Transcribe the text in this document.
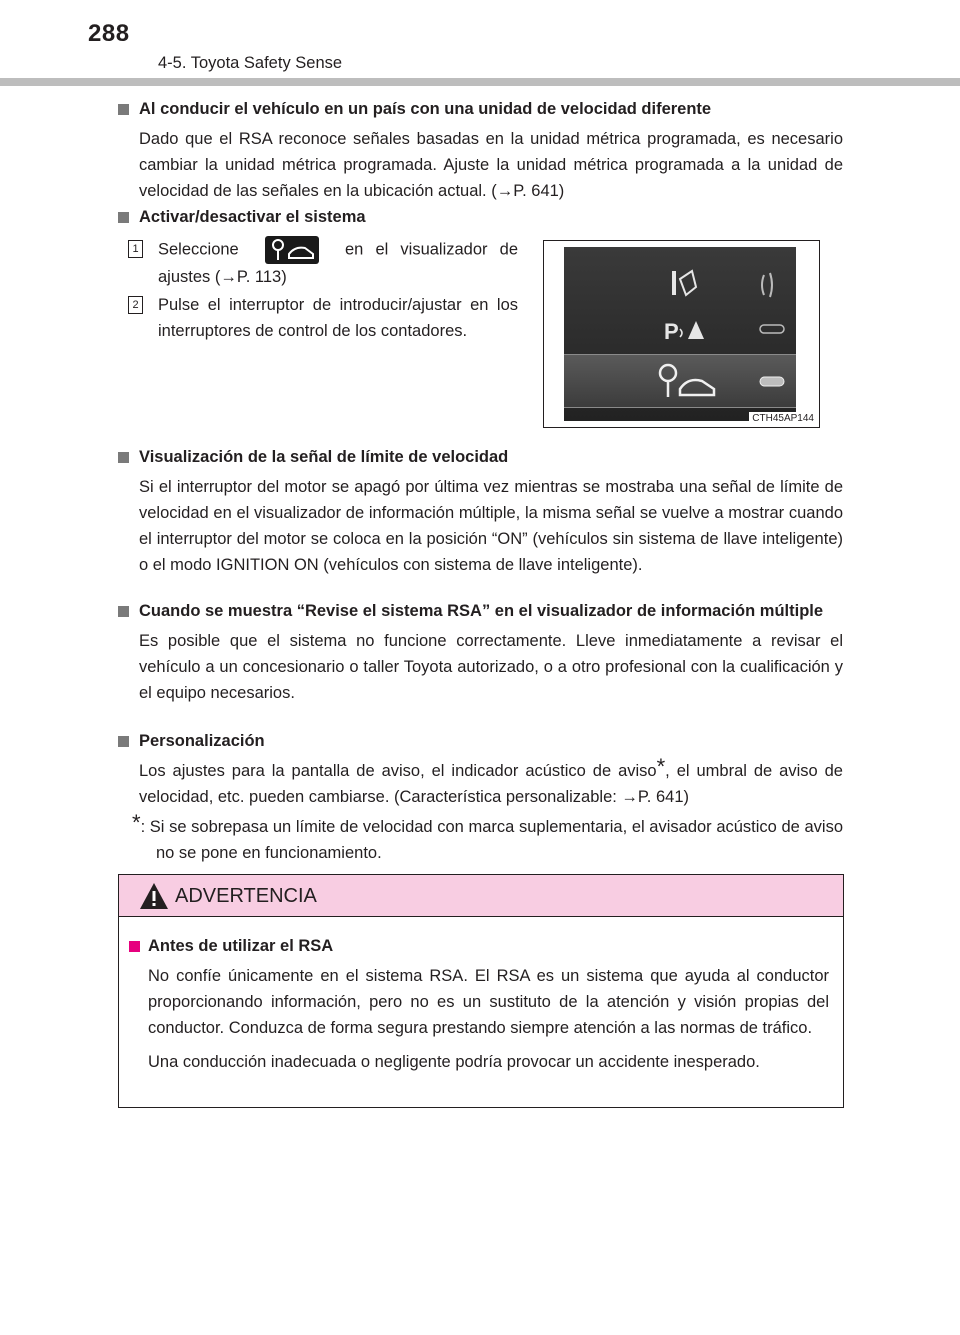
288
4-5. Toyota Safety Sense
Al conducir el vehículo en un país con una unidad de velocidad diferente
Dado que el RSA reconoce señales basadas en la unidad métrica programada, es necesario cambiar la unidad métrica programada. Ajuste la unidad métrica programada a la unidad de velocidad de las señales en la ubicación actual. (→P. 641)
Activar/desactivar el sistema
1	Seleccione	en el visualizador de ajustes (→P. 113)
2	Pulse el interruptor de introducir/ajustar en los interruptores de control de los contadores.	P
CTH45AP144
Visualización de la señal de límite de velocidad
Si el interruptor del motor se apagó por última vez mientras se mostraba una señal de límite de velocidad en el visualizador de información múltiple, la misma señal se vuelve a mostrar cuando el interruptor del motor se coloca en la posición “ON” (vehículos sin sistema de llave inteligente) o el modo IGNITION ON (vehículos con sistema de llave inteligente).
Cuando se muestra “Revise el sistema RSA” en el visualizador de información múltiple
Es posible que el sistema no funcione correctamente. Lleve inmediatamente a revisar el vehículo a un concesionario o taller Toyota autorizado, o a otro profesional con la cualificación y el equipo necesarios.
Personalización
Los ajustes para la pantalla de aviso, el indicador acústico de aviso*, el umbral de aviso de velocidad, etc. pueden cambiarse. (Característica personalizable: →P. 641)
*: Si se sobrepasa un límite de velocidad con marca suplementaria, el avisador acústico de aviso no se pone en funcionamiento.
ADVERTENCIA
Antes de utilizar el RSA
No confíe únicamente en el sistema RSA. El RSA es un sistema que ayuda al conductor proporcionando información, pero no es un sustituto de la atención y visión propias del conductor. Conduzca de forma segura prestando siempre atención a las normas de tráfico.
Una conducción inadecuada o negligente podría provocar un accidente inesperado.
